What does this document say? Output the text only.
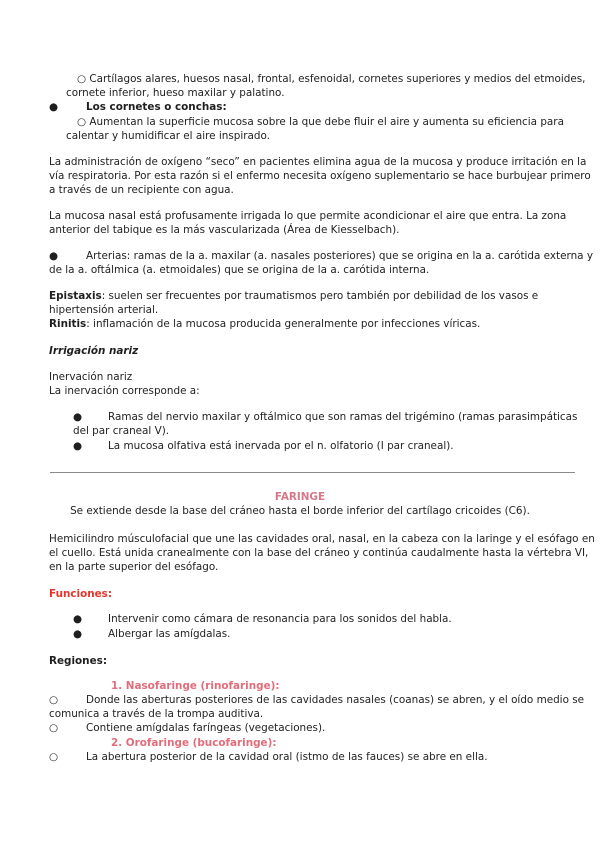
○ Cartílagos alares, huesos nasal, frontal, esfenoidal, cornetes superiores y medios del etmoides,
cornete inferior, hueso maxilar y palatino.
●	Los cornetes o conchas:
○ Aumentan la superficie mucosa sobre la que debe fluir el aire y aumenta su eficiencia para
calentar y humidificar el aire inspirado.
La administración de oxígeno “seco” en pacientes elimina agua de la mucosa y produce irritación en la
vía respiratoria. Por esta razón si el enfermo necesita oxígeno suplementario se hace burbujear primero
a través de un recipiente con agua.
La mucosa nasal está profusamente irrigada lo que permite acondicionar el aire que entra. La zona
anterior del tabique es la más vascularizada (Área de Kiesselbach).
●	Arterias: ramas de la a. maxilar (a. nasales posteriores) que se origina en la a. carótida externa y
de la a. oftálmica (a. etmoidales) que se origina de la a. carótida interna.
Epistaxis: suelen ser frecuentes por traumatismos pero también por debilidad de los vasos e
hipertensión arterial.
Rinitis: inflamación de la mucosa producida generalmente por infecciones víricas.
Irrigación nariz
Inervación nariz
La inervación corresponde a:
● Ramas del nervio maxilar y oftálmico que son ramas del trigémino (ramas parasimpáticas
del par craneal V).
● La mucosa olfativa está inervada por el n. olfatorio (I par craneal).
FARINGE
Se extiende desde la base del cráneo hasta el borde inferior del cartílago cricoides (C6).
Hemicilindro músculofacial que une las cavidades oral, nasal, en la cabeza con la laringe y el esófago en
el cuello. Está unida cranealmente con la base del cráneo y continúa caudalmente hasta la vértebra VI,
en la parte superior del esófago.
Funciones:
● Intervenir como cámara de resonancia para los sonidos del habla.
● Albergar las amígdalas.
Regiones:
1. Nasofaringe (rinofaringe):
○	Donde las aberturas posteriores de las cavidades nasales (coanas) se abren, y el oído medio se
comunica a través de la trompa auditiva.
○	Contiene amígdalas faríngeas (vegetaciones).
2. Orofaringe (bucofaringe):
○	La abertura posterior de la cavidad oral (istmo de las fauces) se abre en ella.
